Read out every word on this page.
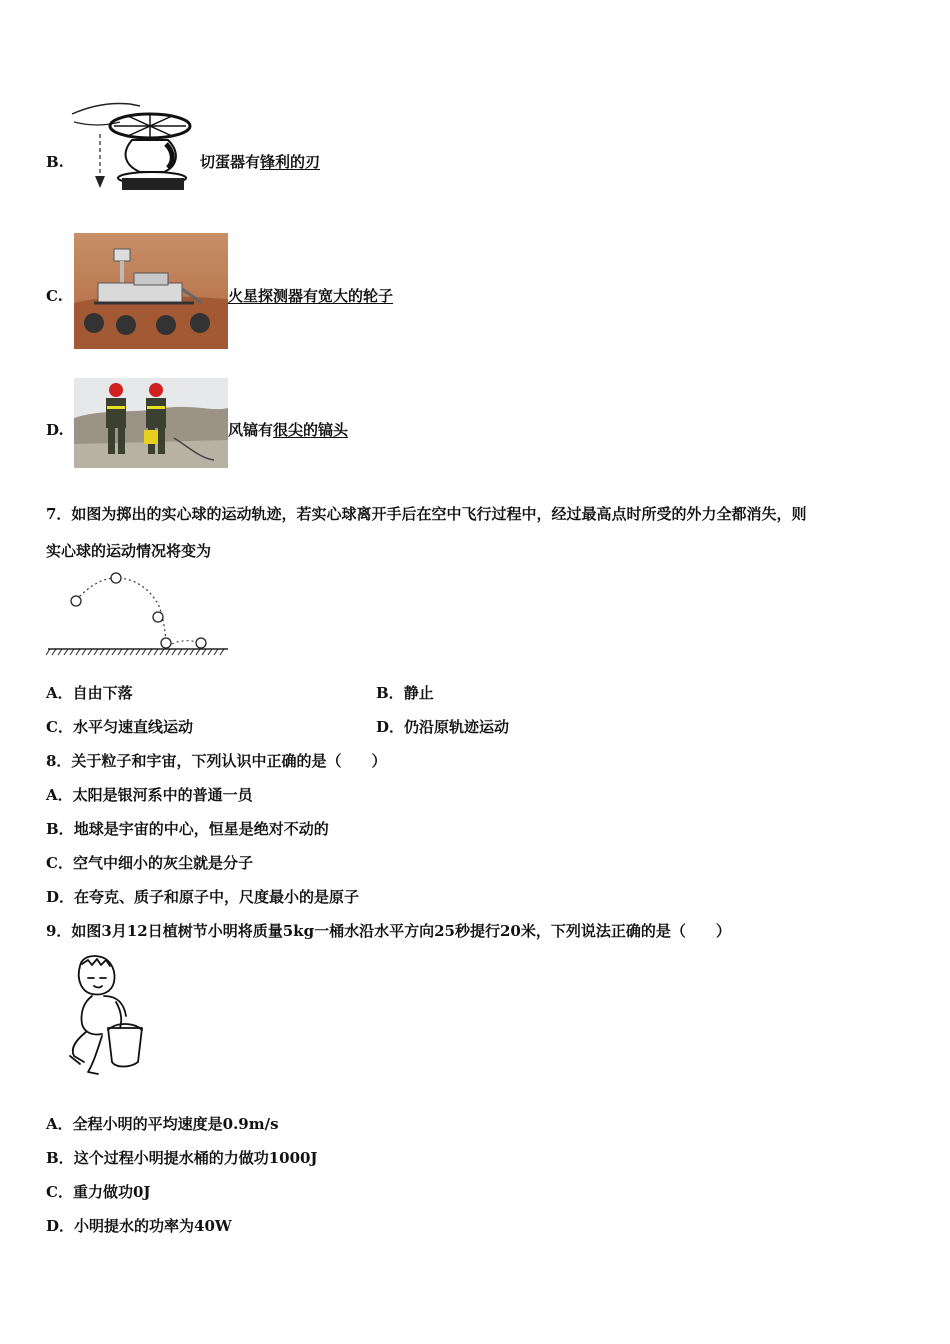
B.	切蛋器有锋利的刃
C.	火星探测器有宽大的轮子
D.	风镐有很尖的镐头
7．如图为掷出的实心球的运动轨迹，若实心球离开手后在空中飞行过程中，经过最高点时所受的外力全都消失，则
实心球的运动情况将变为
A．自由下落	B．静止
C．水平匀速直线运动	D．仍沿原轨迹运动
8．关于粒子和宇宙，下列认识中正确的是（　　）
A．太阳是银河系中的普通一员
B．地球是宇宙的中心，恒星是绝对不动的
C．空气中细小的灰尘就是分子
D．在夸克、质子和原子中，尺度最小的是原子
9．如图3月12日植树节小明将质量5kg一桶水沿水平方向25秒提行20米，下列说法正确的是（　　）
A．全程小明的平均速度是0.9m/s
B．这个过程小明提水桶的力做功1000J
C．重力做功0J
D．小明提水的功率为40W
